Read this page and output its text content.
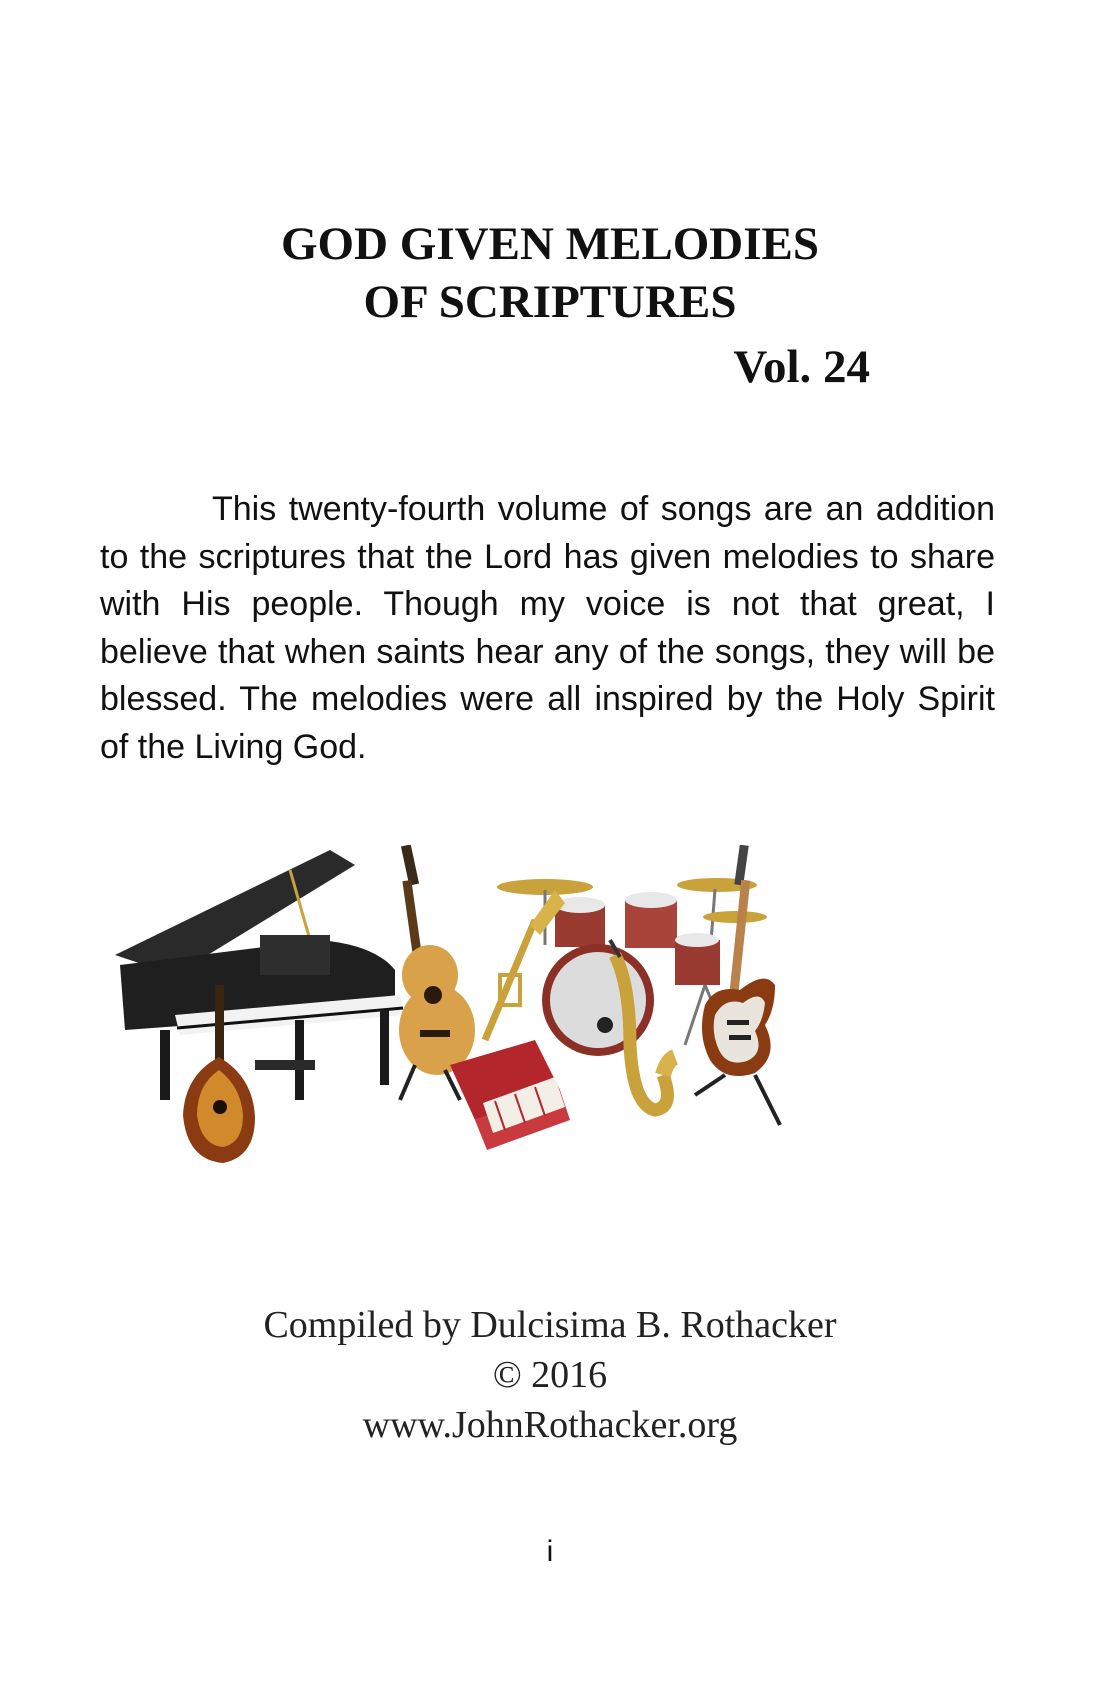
GOD GIVEN MELODIES
OF SCRIPTURES
Vol. 24

This twenty-fourth volume of songs are an addition to the scriptures that the Lord has given melodies to share with His people. Though my voice is not that great, I believe that when saints hear any of the songs, they will be blessed. The melodies were all inspired by the Holy Spirit of the Living God.

Compiled by Dulcisima B. Rothacker
© 2016
www.JohnRothacker.org
i
